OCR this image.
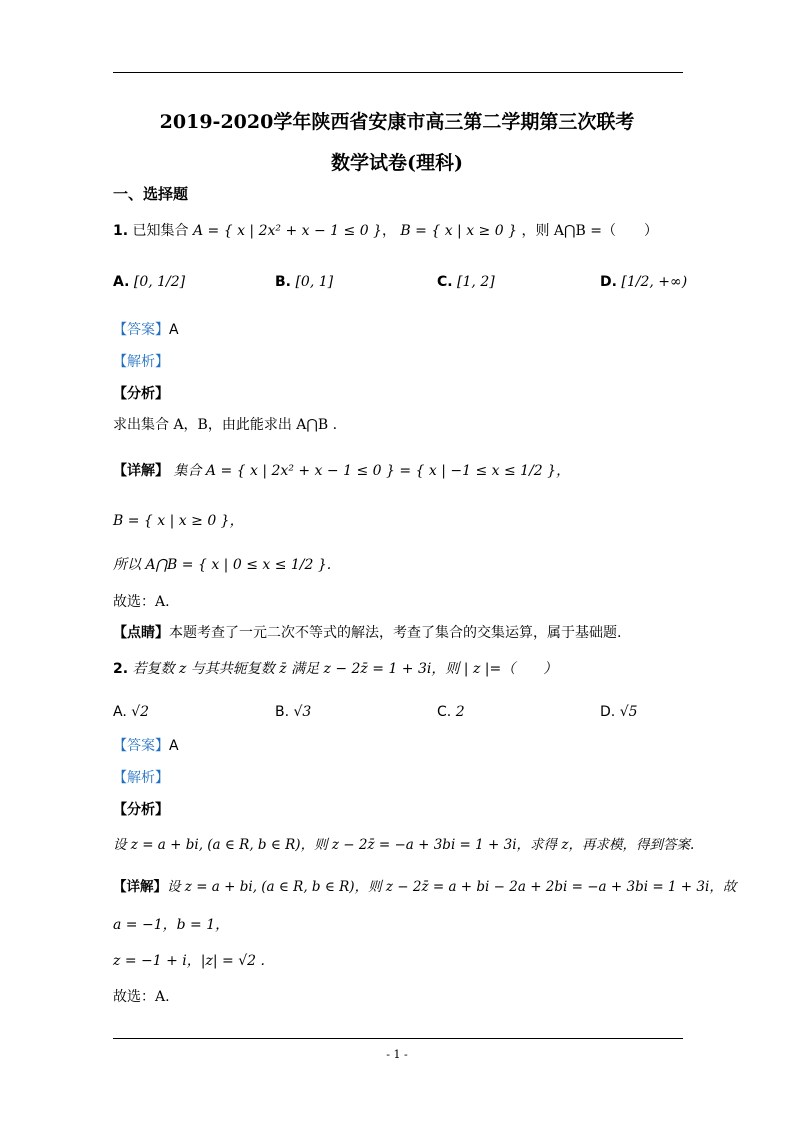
2019-2020学年陕西省安康市高三第二学期第三次联考
数学试卷(理科)
一、选择题
1. 已知集合 A = { x | 2x² + x − 1 ≤ 0 }， B = { x | x ≥ 0 } ，则 A⋂B =（　　）
A. [0, 1/2]	B. [0, 1]	C. [1, 2]	D. [1/2, +∞)
【答案】A
【解析】
【分析】
求出集合 A，B，由此能求出 A⋂B .
【详解】 集合 A = { x | 2x² + x − 1 ≤ 0 } = { x | −1 ≤ x ≤ 1/2 }，
B = { x | x ≥ 0 }，
所以 A⋂B = { x | 0 ≤ x ≤ 1/2 }.
故选：A.
【点睛】本题考查了一元二次不等式的解法，考查了集合的交集运算，属于基础题.
2. 若复数 z 与其共轭复数 z̄ 满足 z − 2z̄ = 1 + 3i，则 | z |=（　　）
A. √2	B. √3	C. 2	D. √5
【答案】A
【解析】
【分析】
设 z = a + bi, (a ∈ R, b ∈ R)，则 z − 2z̄ = −a + 3bi = 1 + 3i，求得 z，再求模，得到答案.
【详解】设 z = a + bi, (a ∈ R, b ∈ R)，则 z − 2z̄ = a + bi − 2a + 2bi = −a + 3bi = 1 + 3i，故
a = −1，b = 1，
z = −1 + i，|z| = √2 .
故选：A.
- 1 -
